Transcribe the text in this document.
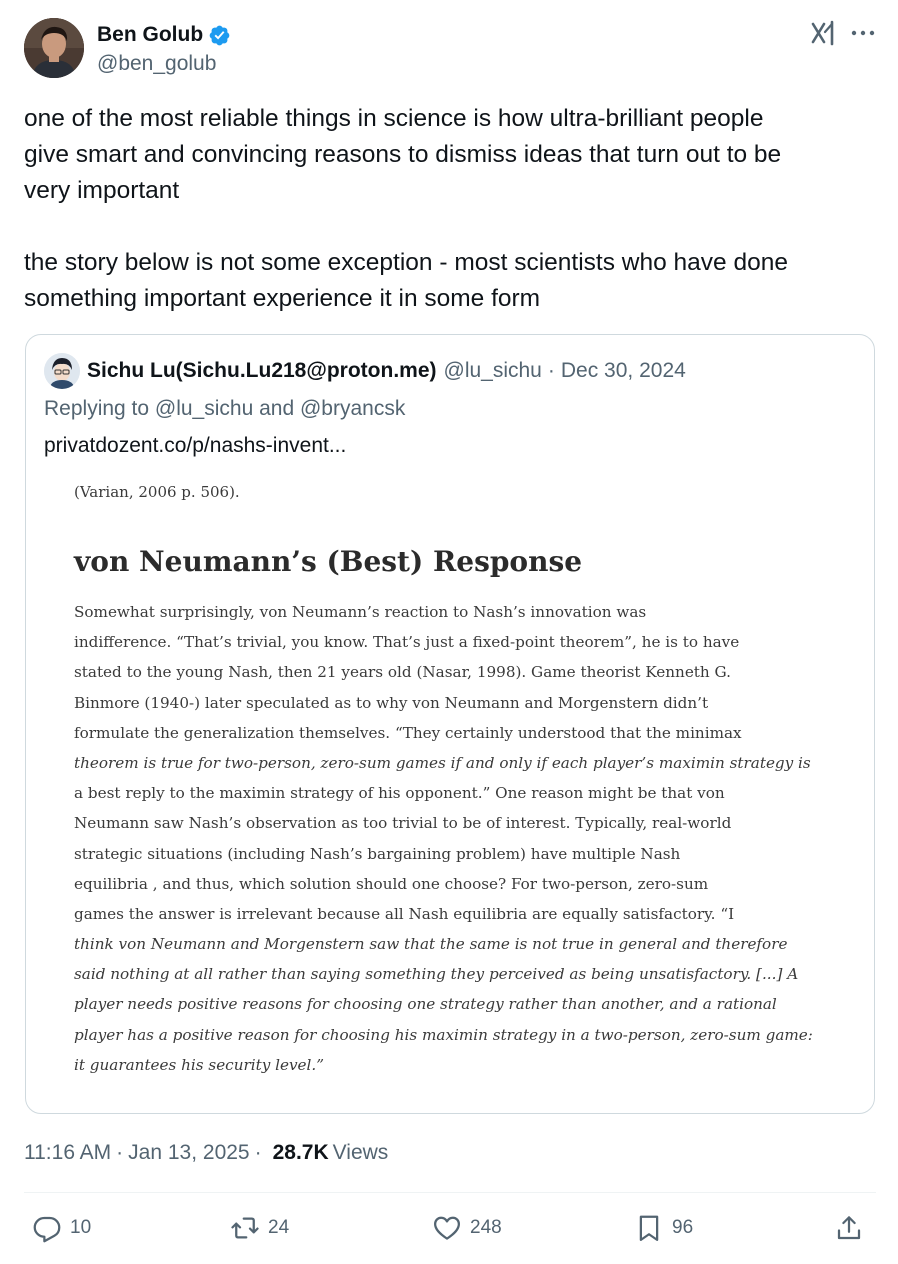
Ben Golub
@ben_golub
one of the most reliable things in science is how ultra-brilliant people
give smart and convincing reasons to dismiss ideas that turn out to be
very important

the story below is not some exception - most scientists who have done
something important experience it in some form
Sichu Lu(Sichu.Lu218@proton.me) @lu_sichu · Dec 30, 2024
Replying to @lu_sichu and @bryancsk
privatdozent.co/p/nashs-invent...
(Varian, 2006 p. 506).
von Neumann’s (Best) Response
Somewhat surprisingly, von Neumann’s reaction to Nash’s innovation was
indifference. “That’s trivial, you know. That’s just a fixed-point theorem”, he is to have
stated to the young Nash, then 21 years old (Nasar, 1998). Game theorist Kenneth G.
Binmore (1940-) later speculated as to why von Neumann and Morgenstern didn’t
formulate the generalization themselves. “They certainly understood that the minimax
theorem is true for two-person, zero-sum games if and only if each player’s maximin strategy is
a best reply to the maximin strategy of his opponent.” One reason might be that von
Neumann saw Nash’s observation as too trivial to be of interest. Typically, real-world
strategic situations (including Nash’s bargaining problem) have multiple Nash
equilibria , and thus, which solution should one choose? For two-person, zero-sum
games the answer is irrelevant because all Nash equilibria are equally satisfactory. “I
think von Neumann and Morgenstern saw that the same is not true in general and therefore
said nothing at all rather than saying something they perceived as being unsatisfactory. [...] A
player needs positive reasons for choosing one strategy rather than another, and a rational
player has a positive reason for choosing his maximin strategy in a two-person, zero-sum game:
it guarantees his security level.”
11:16 AM · Jan 13, 2025 · 28.7K Views
10	24	248	96
